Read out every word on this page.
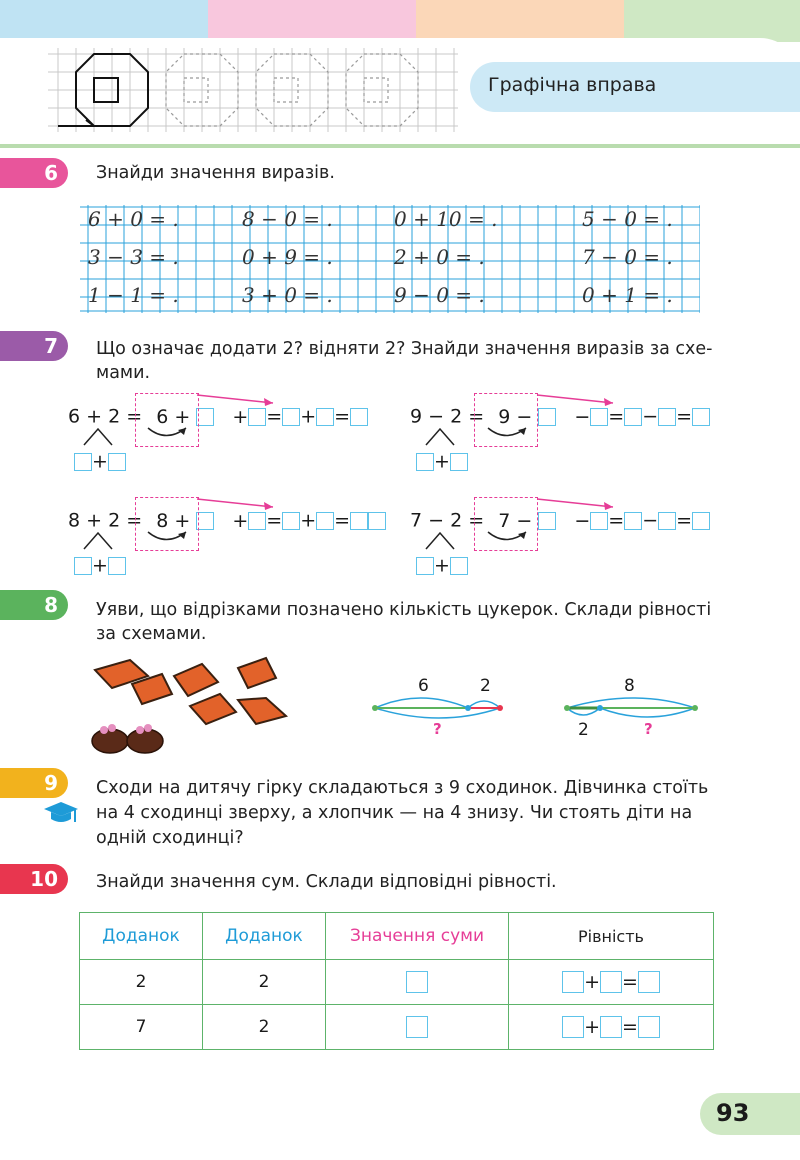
Графічна вправа
6	Знайди значення виразів.
6 + 0 = .	8 − 0 = .	0 + 10 = .	5 − 0 = .
3 − 3 = .	0 + 9 = .	2 + 0 = .	7 − 0 = .
1 − 1 = .	3 + 0 = .	9 − 0 = .	0 + 1 = .
7	Що означає додати 2? відняти 2? Знайди значення виразів за схе-
мами.
6 + 2 = 6 + + = + =
+
9 − 2 = 9 − − = − =
+
8 + 2 = 8 + + = + =
+
7 − 2 = 7 − − = − =
+
8	Уяви, що відрізками позначено кількість цукерок. Склади рівності
за схемами.
6	2
?
8
2	?
9	Сходи на дитячу гірку складаються з 9 сходинок. Дівчинка стоїть
на 4 сходинці зверху, а хлопчик — на 4 знизу. Чи стоять діти на
одній сходинці?
10	Знайди значення сум. Склади відповідні рівності.
Доданок	Доданок	Значення суми	Рівність
2	2		+ =
7	2		+ =
93
